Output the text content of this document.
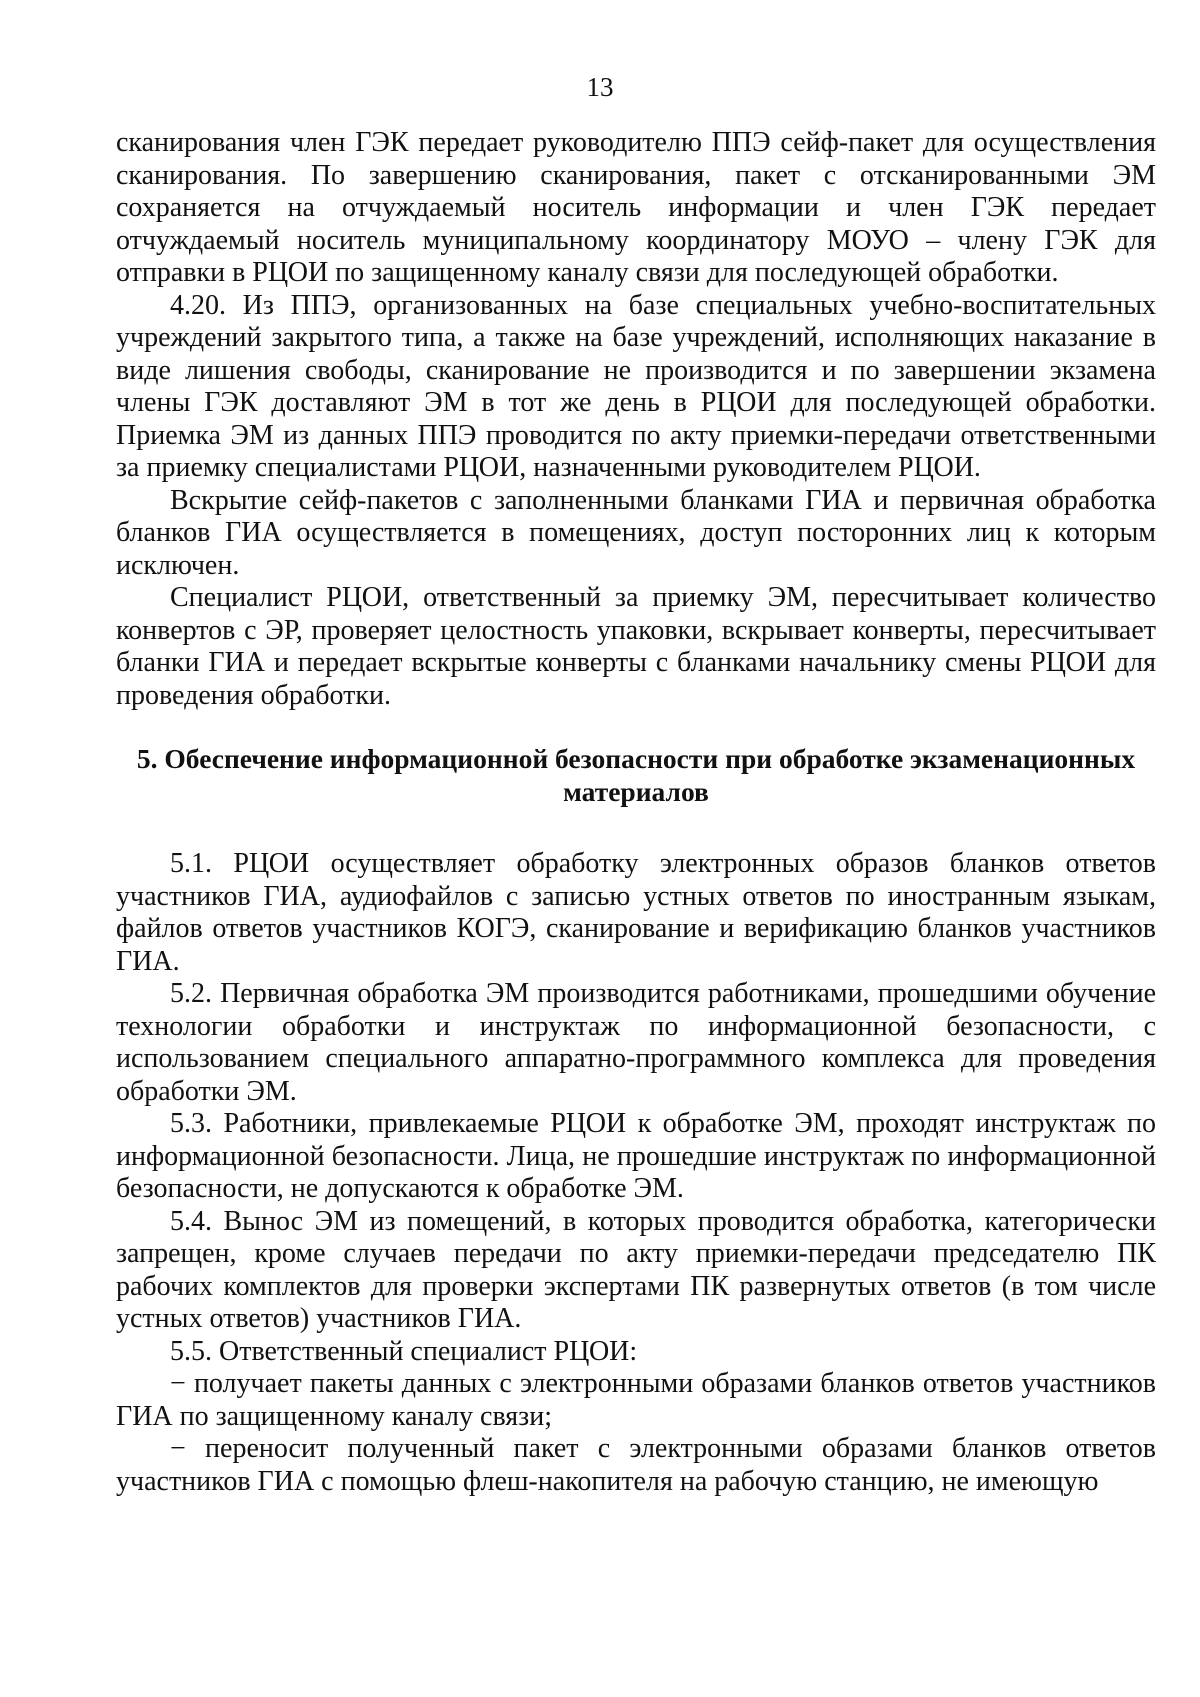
13

сканирования член ГЭК передает руководителю ППЭ сейф-пакет для осуществления сканирования. По завершению сканирования, пакет с отсканированными ЭМ сохраняется на отчуждаемый носитель информации и член ГЭК передает отчуждаемый носитель муниципальному координатору МОУО – члену ГЭК для отправки в РЦОИ по защищенному каналу связи для последующей обработки.

4.20. Из ППЭ, организованных на базе специальных учебно-воспитательных учреждений закрытого типа, а также на базе учреждений, исполняющих наказание в виде лишения свободы, сканирование не производится и по завершении экзамена члены ГЭК доставляют ЭМ в тот же день в РЦОИ для последующей обработки. Приемка ЭМ из данных ППЭ проводится по акту приемки-передачи ответственными за приемку специалистами РЦОИ, назначенными руководителем РЦОИ.

Вскрытие сейф-пакетов с заполненными бланками ГИА и первичная обработка бланков ГИА осуществляется в помещениях, доступ посторонних лиц к которым исключен.

Специалист РЦОИ, ответственный за приемку ЭМ, пересчитывает количество конвертов с ЭР, проверяет целостность упаковки, вскрывает конверты, пересчитывает бланки ГИА и передает вскрытые конверты с бланками начальнику смены РЦОИ для проведения обработки.

5. Обеспечение информационной безопасности при обработке экзаменационных материалов

5.1. РЦОИ осуществляет обработку электронных образов бланков ответов участников ГИА, аудиофайлов с записью устных ответов по иностранным языкам, файлов ответов участников КОГЭ, сканирование и верификацию бланков участников ГИА.

5.2. Первичная обработка ЭМ производится работниками, прошедшими обучение технологии обработки и инструктаж по информационной безопасности, с использованием специального аппаратно-программного комплекса для проведения обработки ЭМ.

5.3. Работники, привлекаемые РЦОИ к обработке ЭМ, проходят инструктаж по информационной безопасности. Лица, не прошедшие инструктаж по информационной безопасности, не допускаются к обработке ЭМ.

5.4. Вынос ЭМ из помещений, в которых проводится обработка, категорически запрещен, кроме случаев передачи по акту приемки-передачи председателю ПК рабочих комплектов для проверки экспертами ПК развернутых ответов (в том числе устных ответов) участников ГИА.

5.5. Ответственный специалист РЦОИ:

− получает пакеты данных с электронными образами бланков ответов участников ГИА по защищенному каналу связи;

− переносит полученный пакет с электронными образами бланков ответов участников ГИА с помощью флеш-накопителя на рабочую станцию, не имеющую
